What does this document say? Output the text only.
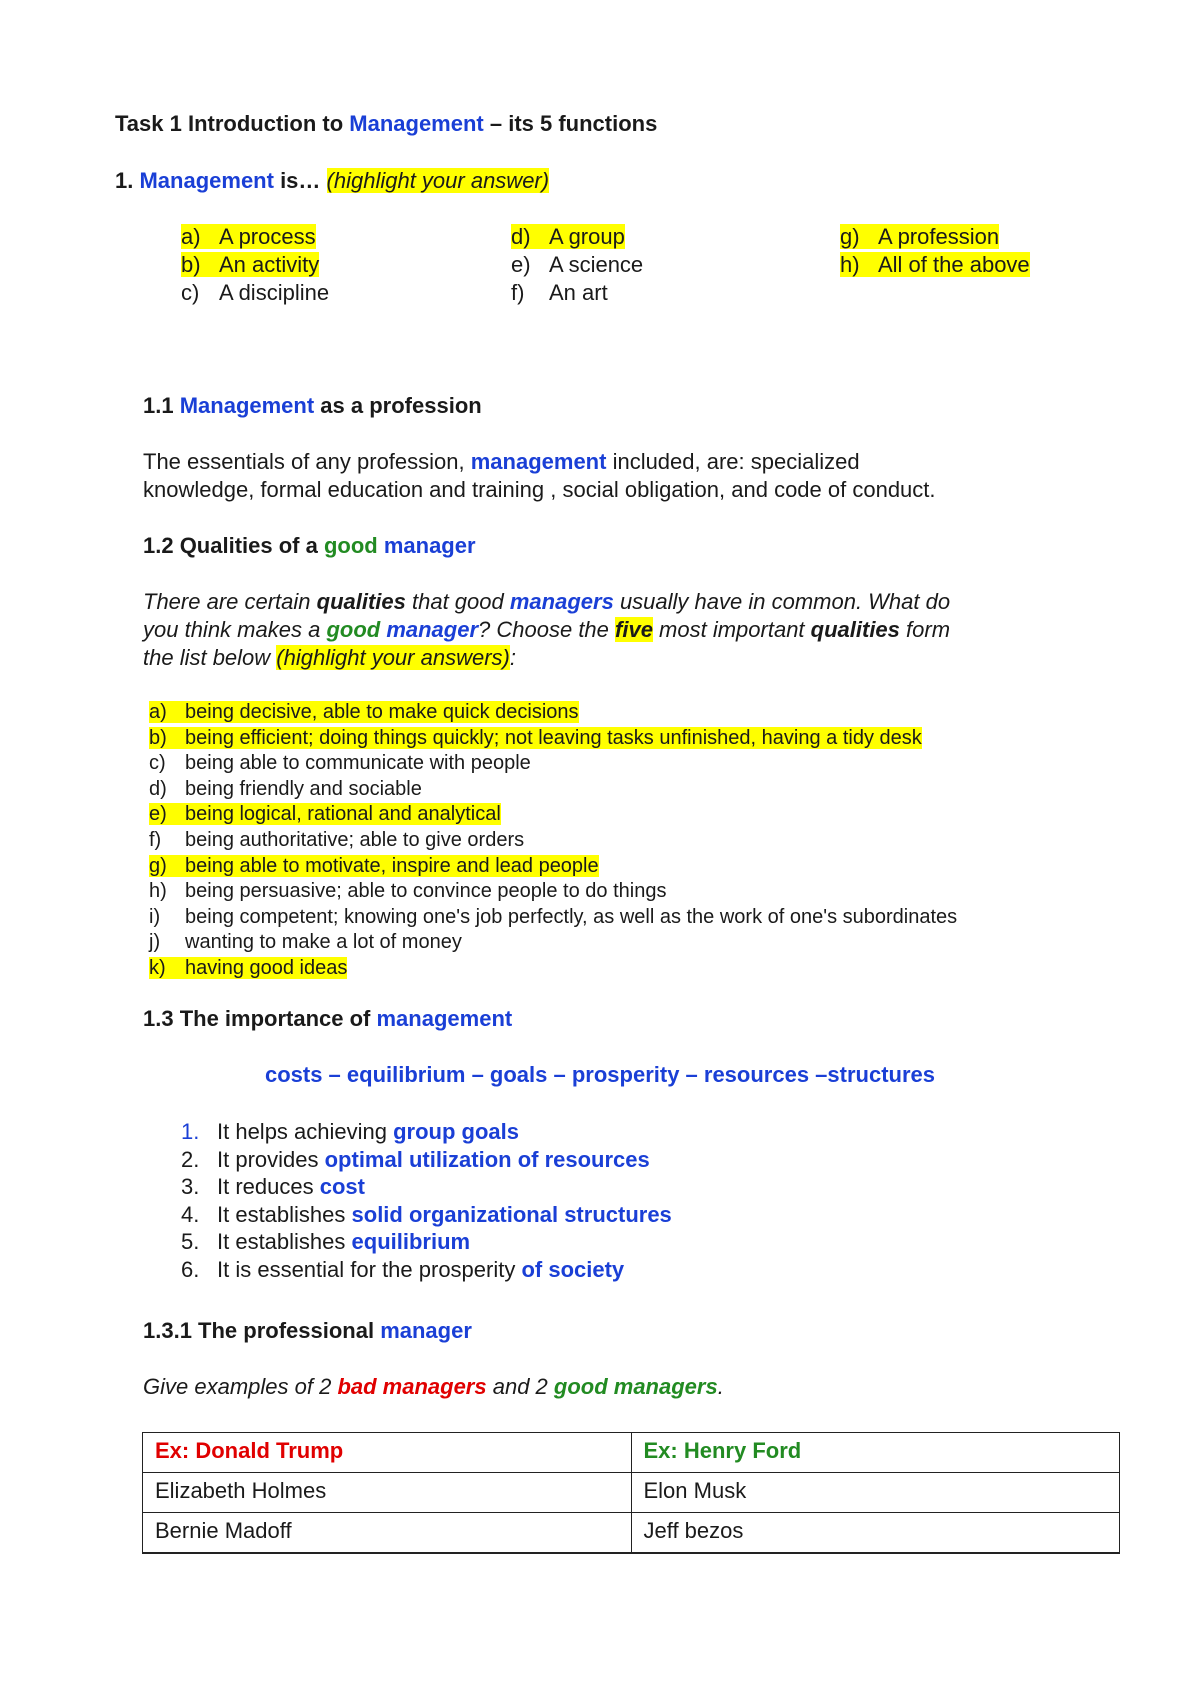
Task 1 Introduction to Management – its 5 functions
1. Management is… (highlight your answer)
a) A process
b) An activity
c) A discipline
d) A group
e) A science
f) An art
g) A profession
h) All of the above
1.1 Management as a profession
The essentials of any profession, management included, are: specialized
knowledge, formal education and training , social obligation, and code of conduct.
1.2 Qualities of a good manager
There are certain qualities that good managers usually have in common. What do
you think makes a good manager? Choose the five most important qualities form
the list below (highlight your answers):
a) being decisive, able to make quick decisions
b) being efficient; doing things quickly; not leaving tasks unfinished, having a tidy desk
c) being able to communicate with people
d) being friendly and sociable
e) being logical, rational and analytical
f) being authoritative; able to give orders
g) being able to motivate, inspire and lead people
h) being persuasive; able to convince people to do things
i) being competent; knowing one's job perfectly, as well as the work of one's subordinates
j) wanting to make a lot of money
k) having good ideas
1.3 The importance of management
costs – equilibrium – goals – prosperity – resources –structures
1. It helps achieving group goals
2. It provides optimal utilization of resources
3. It reduces cost
4. It establishes solid organizational structures
5. It establishes equilibrium
6. It is essential for the prosperity of society
1.3.1 The professional manager
Give examples of 2 bad managers and 2 good managers.
Ex: Donald Trump	Ex: Henry Ford
Elizabeth Holmes	Elon Musk
Bernie Madoff	Jeff bezos
